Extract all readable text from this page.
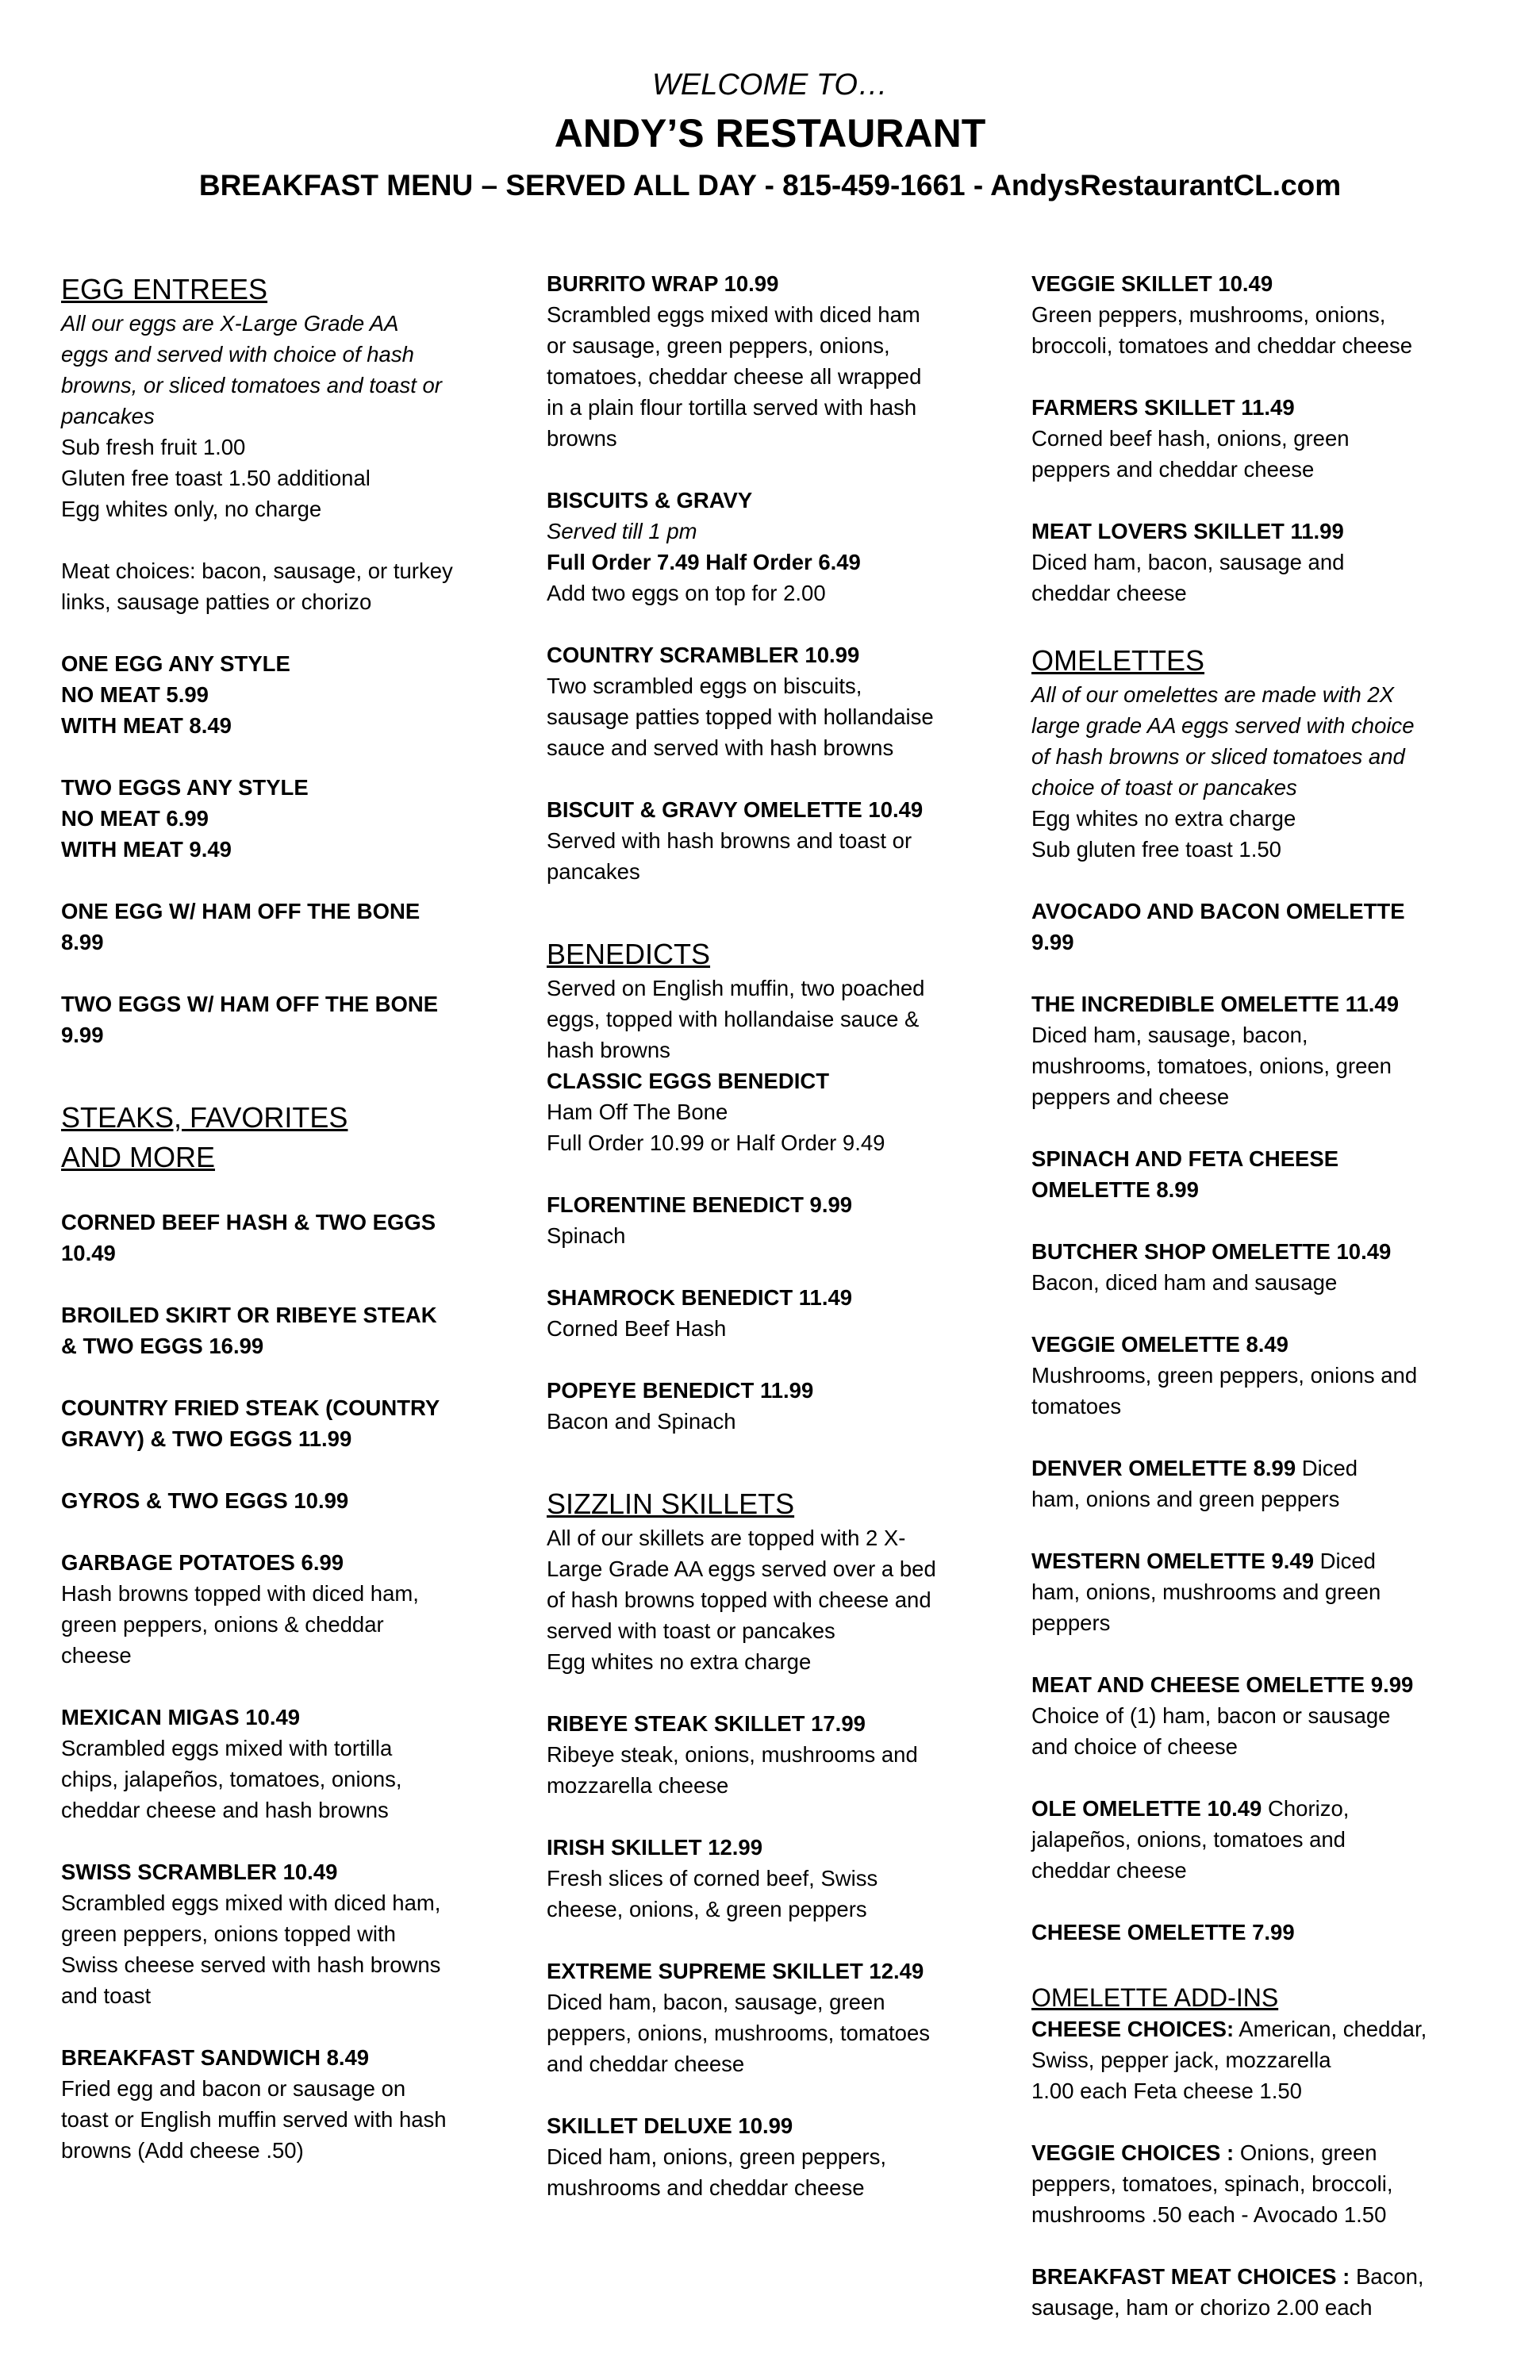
WELCOME TO…
ANDY’S RESTAURANT
BREAKFAST MENU – SERVED ALL DAY - 815-459-1661 - AndysRestaurantCL.com
EGG ENTREES
All our eggs are X-Large Grade AA
eggs and served with choice of hash
browns, or sliced tomatoes and toast or
pancakes
Sub fresh fruit 1.00
Gluten free toast 1.50 additional
Egg whites only, no charge
Meat choices: bacon, sausage, or turkey
links, sausage patties or chorizo
ONE EGG ANY STYLE
NO MEAT 5.99
WITH MEAT 8.49
TWO EGGS ANY STYLE
NO MEAT 6.99
WITH MEAT 9.49
ONE EGG W/ HAM OFF THE BONE
8.99
TWO EGGS W/ HAM OFF THE BONE
9.99
STEAKS, FAVORITES
AND MORE
CORNED BEEF HASH & TWO EGGS
10.49
BROILED SKIRT OR RIBEYE STEAK
& TWO EGGS 16.99
COUNTRY FRIED STEAK (COUNTRY
GRAVY) & TWO EGGS 11.99
GYROS & TWO EGGS 10.99
GARBAGE POTATOES 6.99
Hash browns topped with diced ham,
green peppers, onions & cheddar
cheese
MEXICAN MIGAS 10.49
Scrambled eggs mixed with tortilla
chips, jalapeños, tomatoes, onions,
cheddar cheese and hash browns
SWISS SCRAMBLER 10.49
Scrambled eggs mixed with diced ham,
green peppers, onions topped with
Swiss cheese served with hash browns
and toast
BREAKFAST SANDWICH 8.49
Fried egg and bacon or sausage on
toast or English muffin served with hash
browns (Add cheese .50)
BURRITO WRAP 10.99
Scrambled eggs mixed with diced ham
or sausage, green peppers, onions,
tomatoes, cheddar cheese all wrapped
in a plain flour tortilla served with hash
browns
BISCUITS & GRAVY
Served till 1 pm
Full Order 7.49 Half Order 6.49
Add two eggs on top for 2.00
COUNTRY SCRAMBLER 10.99
Two scrambled eggs on biscuits,
sausage patties topped with hollandaise
sauce and served with hash browns
BISCUIT & GRAVY OMELETTE 10.49
Served with hash browns and toast or
pancakes
BENEDICTS
Served on English muffin, two poached
eggs, topped with hollandaise sauce &
hash browns
CLASSIC EGGS BENEDICT
Ham Off The Bone
Full Order 10.99 or Half Order 9.49
FLORENTINE BENEDICT 9.99
Spinach
SHAMROCK BENEDICT 11.49
Corned Beef Hash
POPEYE BENEDICT 11.99
Bacon and Spinach
SIZZLIN SKILLETS
All of our skillets are topped with 2 X-
Large Grade AA eggs served over a bed
of hash browns topped with cheese and
served with toast or pancakes
Egg whites no extra charge
RIBEYE STEAK SKILLET 17.99
Ribeye steak, onions, mushrooms and
mozzarella cheese
IRISH SKILLET 12.99
Fresh slices of corned beef, Swiss
cheese, onions, & green peppers
EXTREME SUPREME SKILLET 12.49
Diced ham, bacon, sausage, green
peppers, onions, mushrooms, tomatoes
and cheddar cheese
SKILLET DELUXE 10.99
Diced ham, onions, green peppers,
mushrooms and cheddar cheese
VEGGIE SKILLET 10.49
Green peppers, mushrooms, onions,
broccoli, tomatoes and cheddar cheese
FARMERS SKILLET 11.49
Corned beef hash, onions, green
peppers and cheddar cheese
MEAT LOVERS SKILLET 11.99
Diced ham, bacon, sausage and
cheddar cheese
OMELETTES
All of our omelettes are made with 2X
large grade AA eggs served with choice
of hash browns or sliced tomatoes and
choice of toast or pancakes
Egg whites no extra charge
Sub gluten free toast 1.50
AVOCADO AND BACON OMELETTE
9.99
THE INCREDIBLE OMELETTE 11.49
Diced ham, sausage, bacon,
mushrooms, tomatoes, onions, green
peppers and cheese
SPINACH AND FETA CHEESE
OMELETTE 8.99
BUTCHER SHOP OMELETTE 10.49
Bacon, diced ham and sausage
VEGGIE OMELETTE 8.49
Mushrooms, green peppers, onions and
tomatoes
DENVER OMELETTE 8.99 Diced
ham, onions and green peppers
WESTERN OMELETTE 9.49 Diced
ham, onions, mushrooms and green
peppers
MEAT AND CHEESE OMELETTE 9.99
Choice of (1) ham, bacon or sausage
and choice of cheese
OLE OMELETTE 10.49 Chorizo,
jalapeños, onions, tomatoes and
cheddar cheese
CHEESE OMELETTE 7.99
OMELETTE ADD-INS
CHEESE CHOICES: American, cheddar,
Swiss, pepper jack, mozzarella
1.00 each Feta cheese 1.50
VEGGIE CHOICES : Onions, green
peppers, tomatoes, spinach, broccoli,
mushrooms .50 each - Avocado 1.50
BREAKFAST MEAT CHOICES : Bacon,
sausage, ham or chorizo 2.00 each
